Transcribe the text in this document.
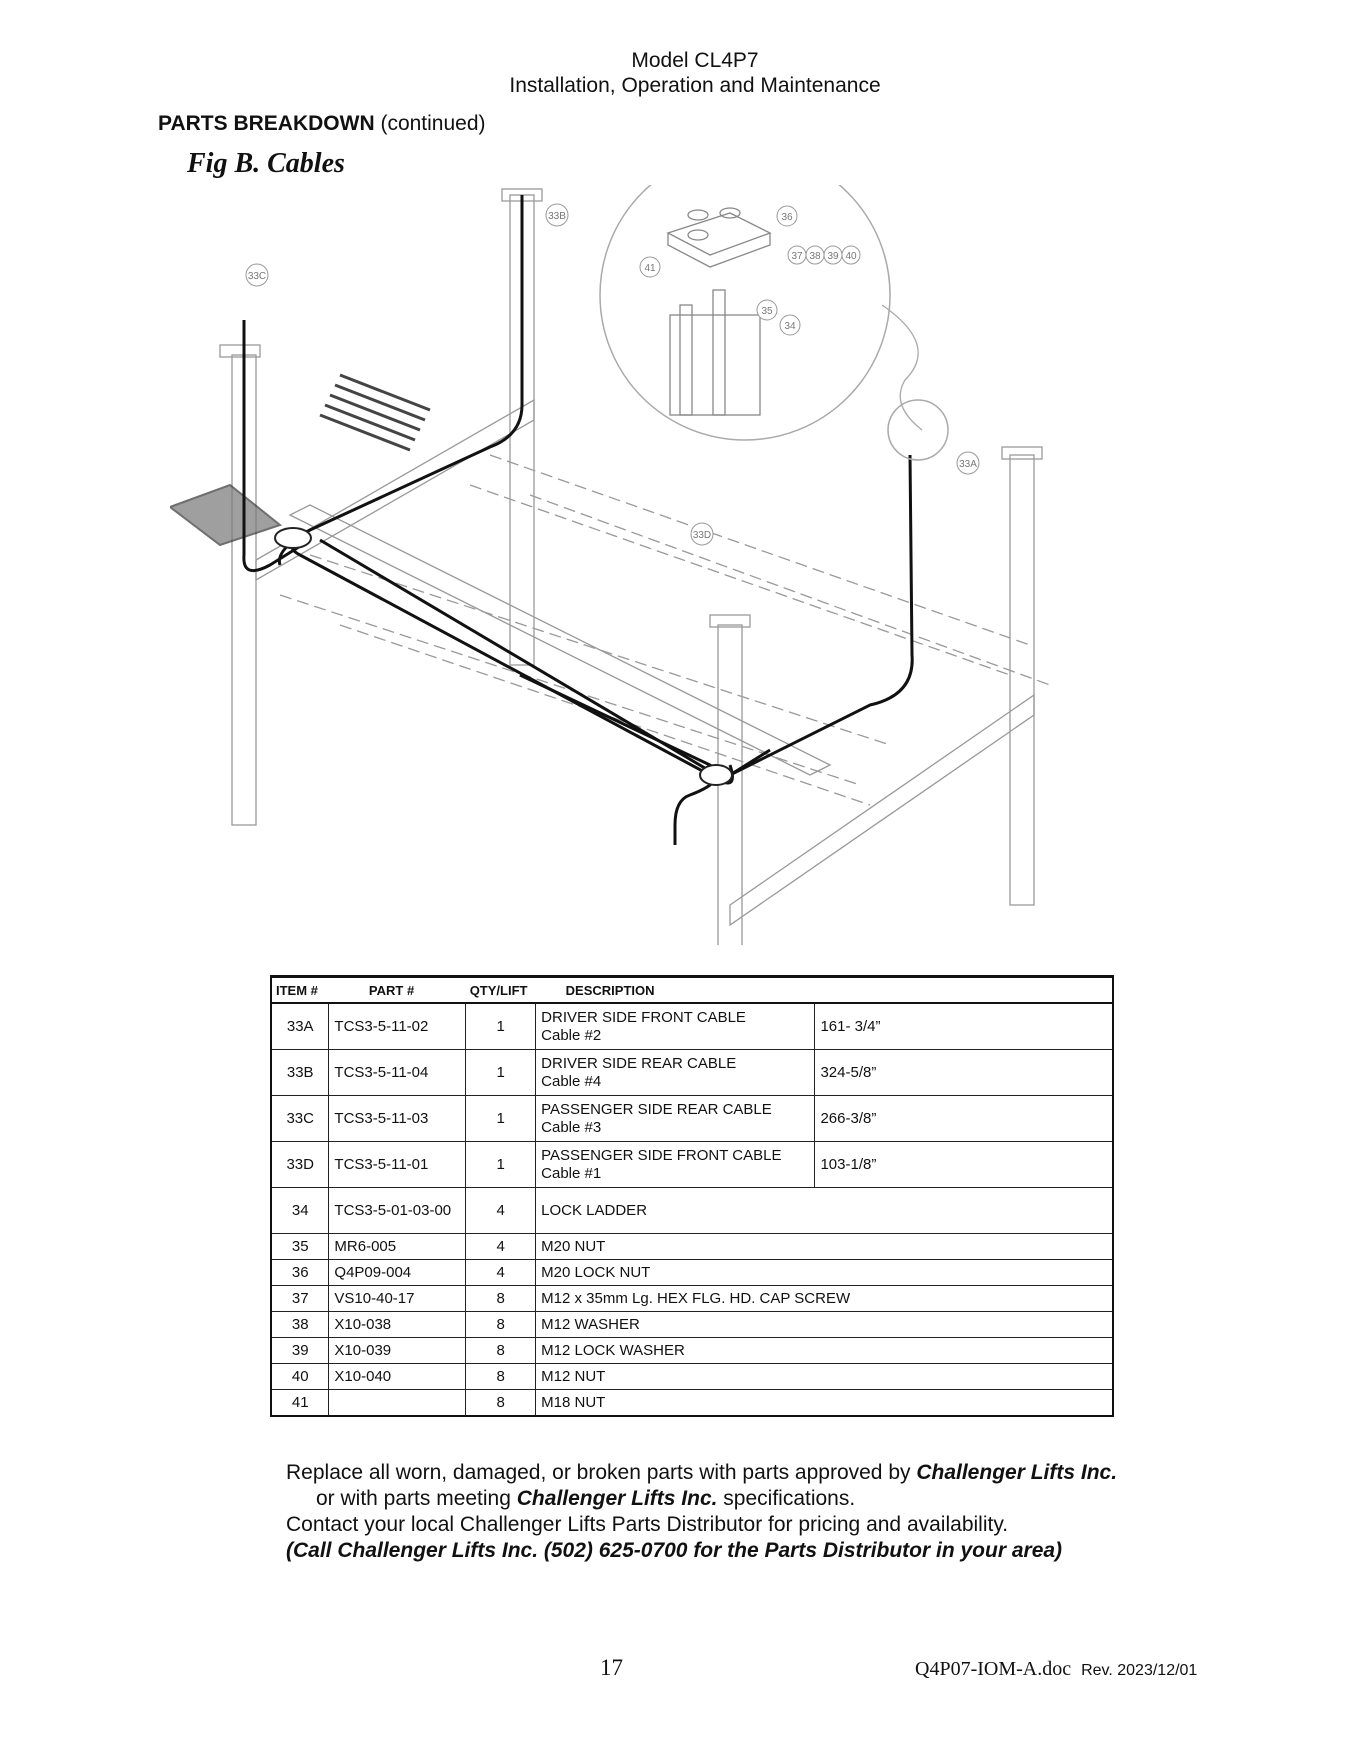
Model CL4P7
Installation, Operation and Maintenance
PARTS BREAKDOWN (continued)
Fig B. Cables
33A
33B
33C
33D
36
37 38 39 40
41
35
34
ITEM #	PART #	QTY/LIFT	DESCRIPTION	
33A	TCS3-5-11-02	1	DRIVER SIDE FRONT CABLE
Cable #2	161- 3/4”
33B	TCS3-5-11-04	1	DRIVER SIDE REAR CABLE
Cable #4	324-5/8”
33C	TCS3-5-11-03	1	PASSENGER SIDE REAR CABLE
Cable #3	266-3/8”
33D	TCS3-5-11-01	1	PASSENGER SIDE FRONT CABLE
Cable #1	103-1/8”
34	TCS3-5-01-03-00	4	LOCK LADDER	
35	MR6-005	4	M20 NUT	
36	Q4P09-004	4	M20 LOCK NUT	
37	VS10-40-17	8	M12 x 35mm Lg. HEX FLG. HD. CAP SCREW	
38	X10-038	8	M12 WASHER	
39	X10-039	8	M12 LOCK WASHER	
40	X10-040	8	M12 NUT	
41		8	M18 NUT	
Replace all worn, damaged, or broken parts with parts approved by Challenger Lifts Inc.
or with parts meeting Challenger Lifts Inc. specifications.
Contact your local Challenger Lifts Parts Distributor for pricing and availability.
(Call Challenger Lifts Inc. (502) 625-0700 for the Parts Distributor in your area)
17	Q4P07-IOM-A.doc Rev. 2023/12/01
